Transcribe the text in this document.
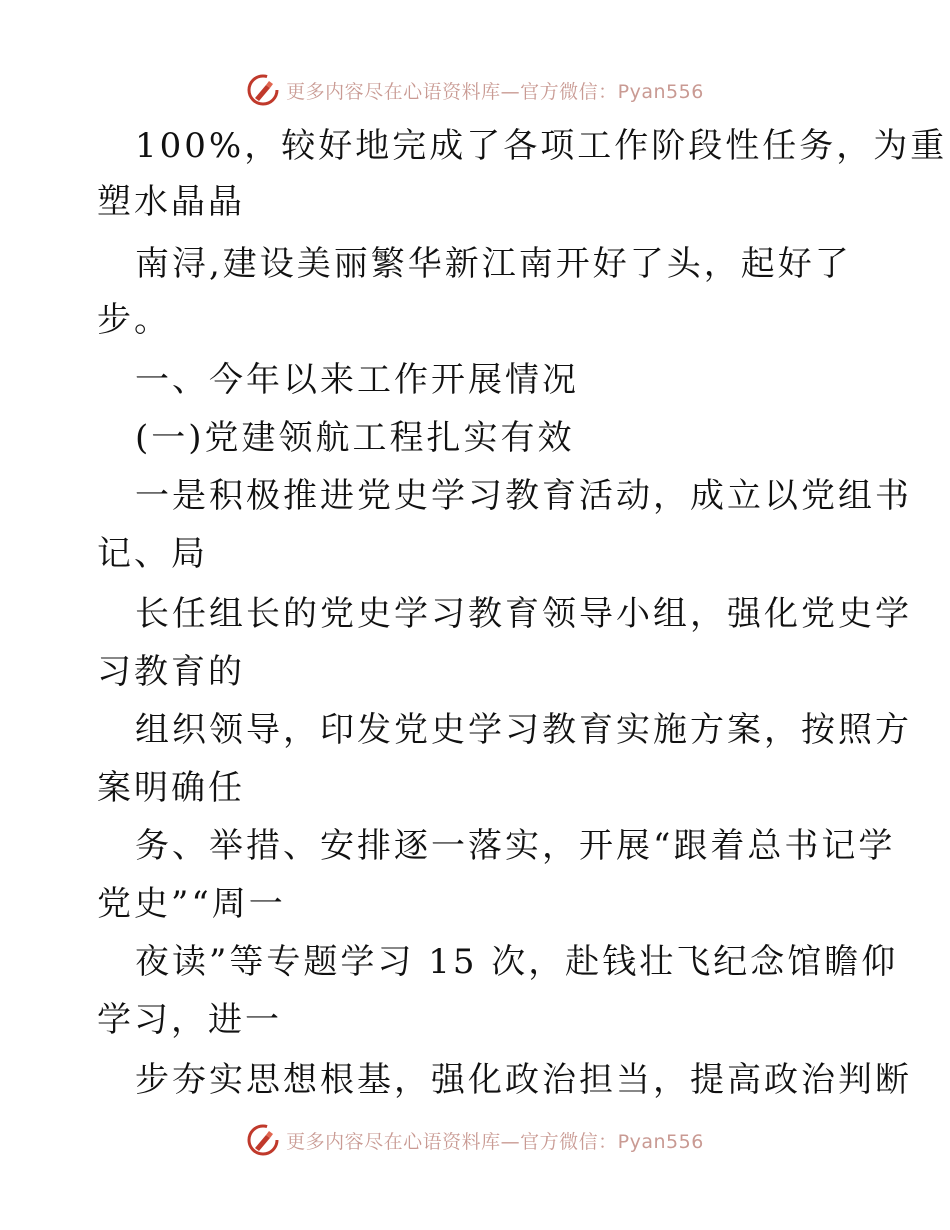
更多内容尽在心语资料库—官方微信：Pyan556
100%，较好地完成了各项工作阶段性任务，为重
塑水晶晶
南浔,建设美丽繁华新江南开好了头，起好了
步。
一、今年以来工作开展情况
(一)党建领航工程扎实有效
一是积极推进党史学习教育活动，成立以党组书
记、局
长任组长的党史学习教育领导小组，强化党史学
习教育的
组织领导，印发党史学习教育实施方案，按照方
案明确任
务、举措、安排逐一落实，开展“跟着总书记学
党史”“周一
夜读”等专题学习 15 次，赴钱壮飞纪念馆瞻仰
学习，进一
步夯实思想根基，强化政治担当，提高政治判断
更多内容尽在心语资料库—官方微信：Pyan556
